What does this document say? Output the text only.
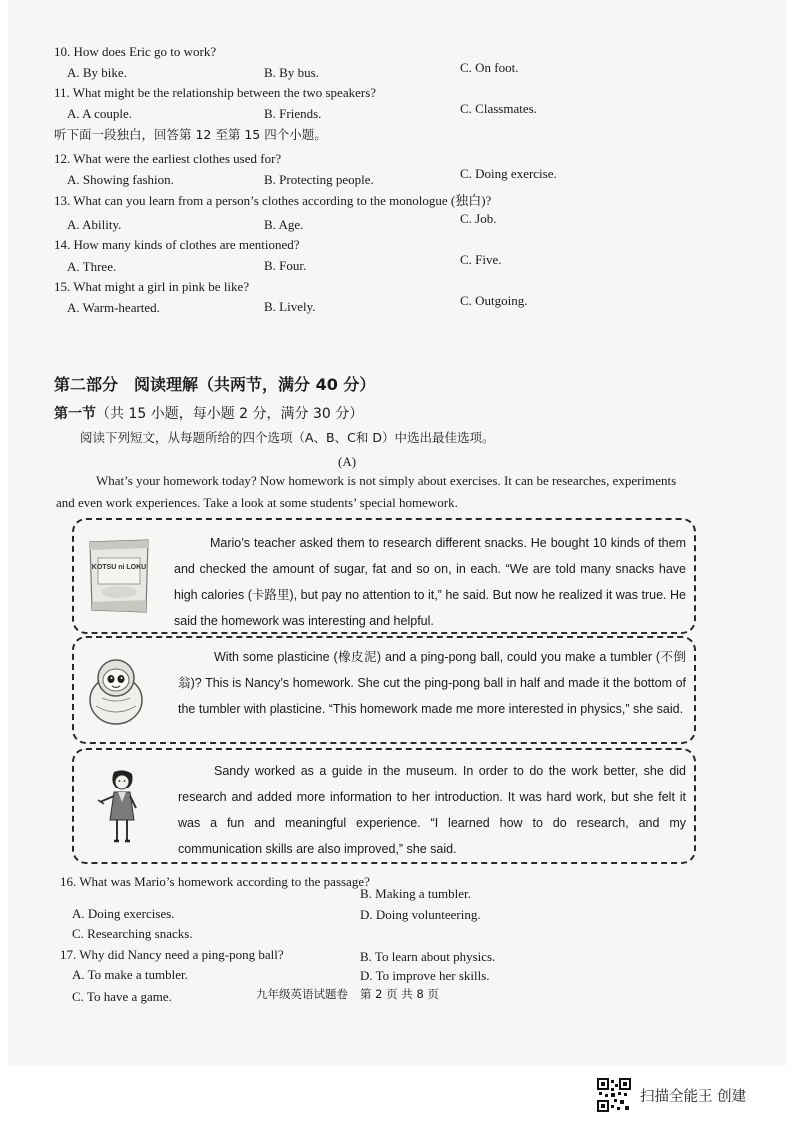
10. How does Eric go to work?
A. By bike.	B. By bus.	C. On foot.
11. What might be the relationship between the two speakers?
A. A couple.	B. Friends.	C. Classmates.
听下面一段独白，回答第 12 至第 15 四个小题。
12. What were the earliest clothes used for?
A. Showing fashion.	B. Protecting people.	C. Doing exercise.
13. What can you learn from a person’s clothes according to the monologue (独白)?
A. Ability.	B. Age.	C. Job.
14. How many kinds of clothes are mentioned?
A. Three.	B. Four.	C. Five.
15. What might a girl in pink be like?
A. Warm-hearted.	B. Lively.	C. Outgoing.
第二部分　阅读理解（共两节，满分 40 分）
第一节（共 15 小题，每小题 2 分，满分 30 分）
阅读下列短文，从每题所给的四个选项（A、B、C和 D）中选出最佳选项。
(A)
What’s your homework today? Now homework is not simply about exercises. It can be researches, experiments and even work experiences. Take a look at some students’ special homework.
KOTSU ni LOKU
Mario’s teacher asked them to research different snacks. He bought 10 kinds of them and checked the amount of sugar, fat and so on, in each. “We are told many snacks have high calories (卡路里), but pay no attention to it,” he said. But now he realized it was true. He said the homework was interesting and helpful.
With some plasticine (橡皮泥) and a ping-pong ball, could you make a tumbler (不倒翁)? This is Nancy’s homework. She cut the ping-pong ball in half and made it the bottom of the tumbler with plasticine. “This homework made me more interested in physics,” she said.
Sandy worked as a guide in the museum. In order to do the work better, she did research and added more information to her introduction. It was hard work, but she felt it was a fun and meaningful experience. “I learned how to do research, and my communication skills are also improved,” she said.
16. What was Mario’s homework according to the passage?
A. Doing exercises.
B. Making a tumbler.
C. Researching snacks.
D. Doing volunteering.
17. Why did Nancy need a ping-pong ball?
A. To make a tumbler.
B. To learn about physics.
C. To have a game.
D. To improve her skills.
九年级英语试题卷 第 2 页 共 8 页
扫描全能王 创建
